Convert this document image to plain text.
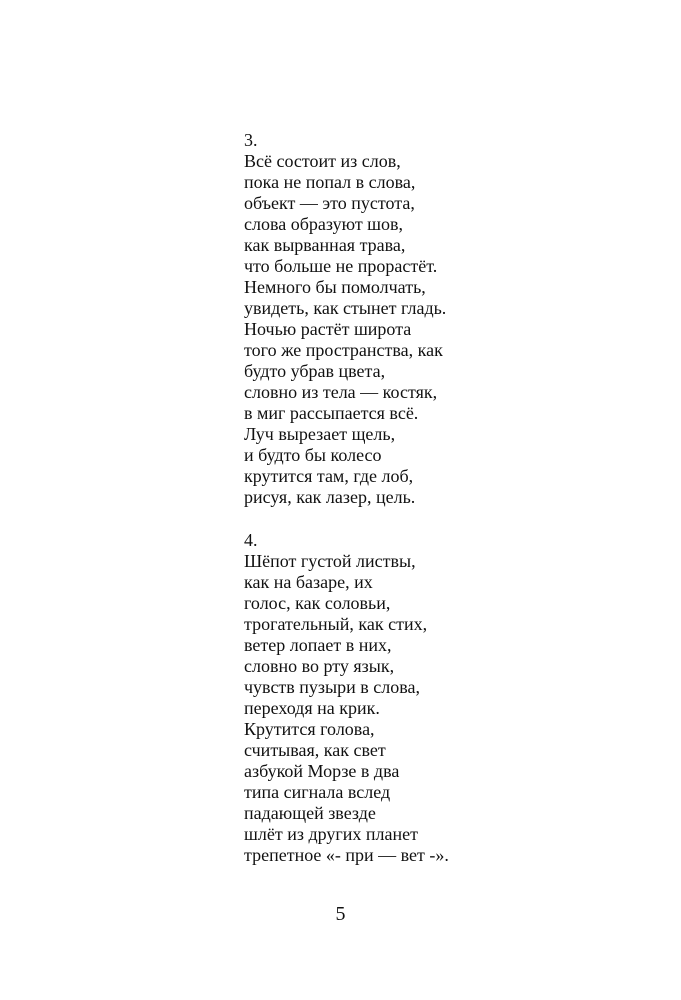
3.
Всё состоит из слов,
пока не попал в слова,
объект — это пустота,
слова образуют шов,
как вырванная трава,
что больше не прорастёт.
Немного бы помолчать,
увидеть, как стынет гладь.
Ночью растёт широта
того же пространства, как
будто убрав цвета,
словно из тела — костяк,
в миг рассыпается всё.
Луч вырезает щель,
и будто бы колесо
крутится там, где лоб,
рисуя, как лазер, цель.
4.
Шёпот густой листвы,
как на базаре, их
голос, как соловьи,
трогательный, как стих,
ветер лопает в них,
словно во рту язык,
чувств пузыри в слова,
переходя на крик.
Крутится голова,
считывая, как свет
азбукой Морзе в два
типа сигнала вслед
падающей звезде
шлёт из других планет
трепетное «- при — вет -».
5
